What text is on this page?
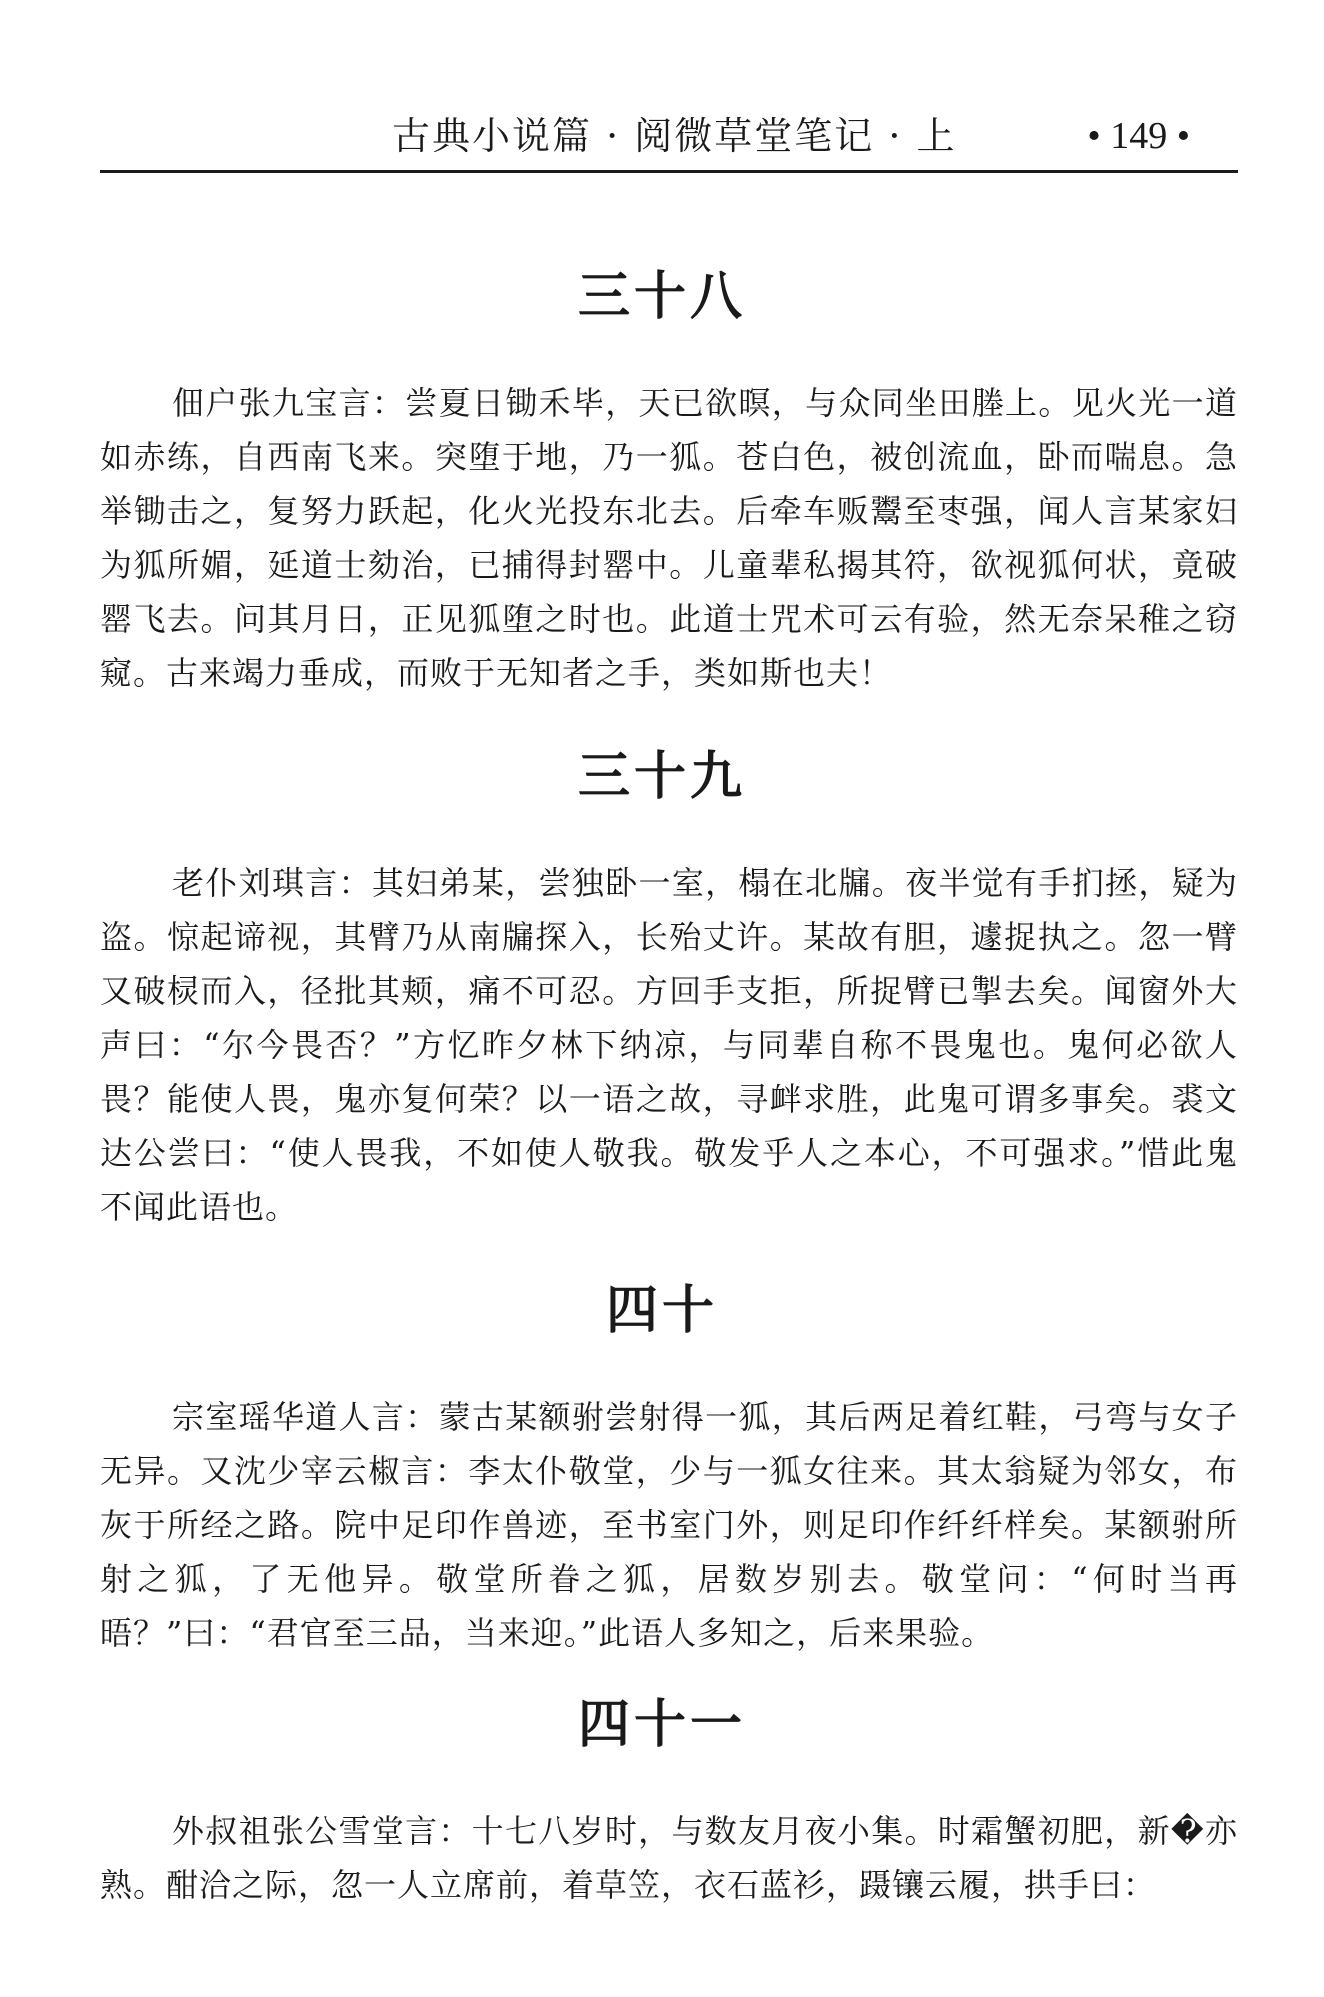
古典小说篇 · 阅微草堂笔记 · 上	• 149 •
三十八

佃户张九宝言：尝夏日锄禾毕，天已欲暝，与众同坐田塍上。见火光一道如赤练，自西南飞来。突堕于地，乃一狐。苍白色，被创流血，卧而喘息。急举锄击之，复努力跃起，化火光投东北去。后牵车贩鬻至枣强，闻人言某家妇为狐所媚，延道士劾治，已捕得封罂中。儿童辈私揭其符，欲视狐何状，竟破罂飞去。问其月日，正见狐堕之时也。此道士咒术可云有验，然无奈呆稚之窃窥。古来竭力垂成，而败于无知者之手，类如斯也夫！

三十九

老仆刘琪言：其妇弟某，尝独卧一室，榻在北牖。夜半觉有手扪拯，疑为盗。惊起谛视，其臂乃从南牖探入，长殆丈许。某故有胆，遽捉执之。忽一臂又破棂而入，径批其颊，痛不可忍。方回手支拒，所捉臂已掣去矣。闻窗外大声曰：“尔今畏否？”方忆昨夕林下纳凉，与同辈自称不畏鬼也。鬼何必欲人畏？能使人畏，鬼亦复何荣？以一语之故，寻衅求胜，此鬼可谓多事矣。裘文达公尝曰：“使人畏我，不如使人敬我。敬发乎人之本心，不可强求。”惜此鬼不闻此语也。

四十

宗室瑶华道人言：蒙古某额驸尝射得一狐，其后两足着红鞋，弓弯与女子无异。又沈少宰云椒言：李太仆敬堂，少与一狐女往来。其太翁疑为邻女，布灰于所经之路。院中足印作兽迹，至书室门外，则足印作纤纤样矣。某额驸所射之狐，了无他异。敬堂所眷之狐，居数岁别去。敬堂问：“何时当再晤？”曰：“君官至三品，当来迎。”此语人多知之，后来果验。

四十一

外叔祖张公雪堂言：十七八岁时，与数友月夜小集。时霜蟹初肥，新�亦熟。酣洽之际，忽一人立席前，着草笠，衣石蓝衫，蹑镶云履，拱手曰：
